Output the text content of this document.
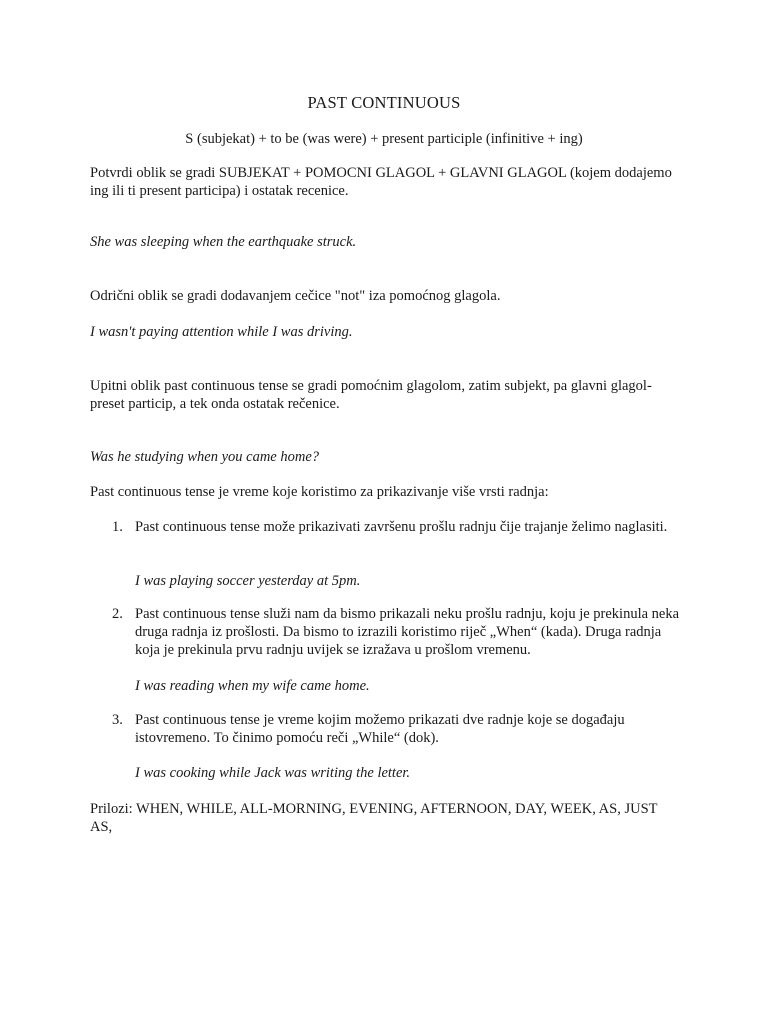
PAST CONTINUOUS
S (subjekat) + to be (was were) + present participle (infinitive + ing)
Potvrdi oblik se gradi SUBJEKAT + POMOCNI GLAGOL + GLAVNI GLAGOL (kojem dodajemo ing ili ti present participa) i ostatak recenice.
She was sleeping when the earthquake struck.
Odrični oblik se gradi dodavanjem cečice "not" iza pomoćnog glagola.
I wasn't paying attention while I was driving.
Upitni oblik past continuous tense se gradi pomoćnim glagolom, zatim subjekt, pa glavni glagol- preset particip, a tek onda ostatak rečenice.
Was he studying when you came home?
Past continuous tense je vreme koje koristimo za prikazivanje više vrsti radnja:
1. Past continuous tense može prikazivati završenu prošlu radnju čije trajanje želimo naglasiti.
I was playing soccer yesterday at 5pm.
2. Past continuous tense služi nam da bismo prikazali neku prošlu radnju, koju je prekinula neka druga radnja iz prošlosti. Da bismo to izrazili koristimo riječ „When“ (kada). Druga radnja koja je prekinula prvu radnju uvijek se izražava u prošlom vremenu.
I was reading when my wife came home.
3. Past continuous tense je vreme kojim možemo prikazati dve radnje koje se događaju istovremeno. To činimo pomoću reči „While“ (dok).
I was cooking while Jack was writing the letter.
Prilozi: WHEN, WHILE, ALL-MORNING, EVENING, AFTERNOON, DAY, WEEK, AS, JUST AS,
